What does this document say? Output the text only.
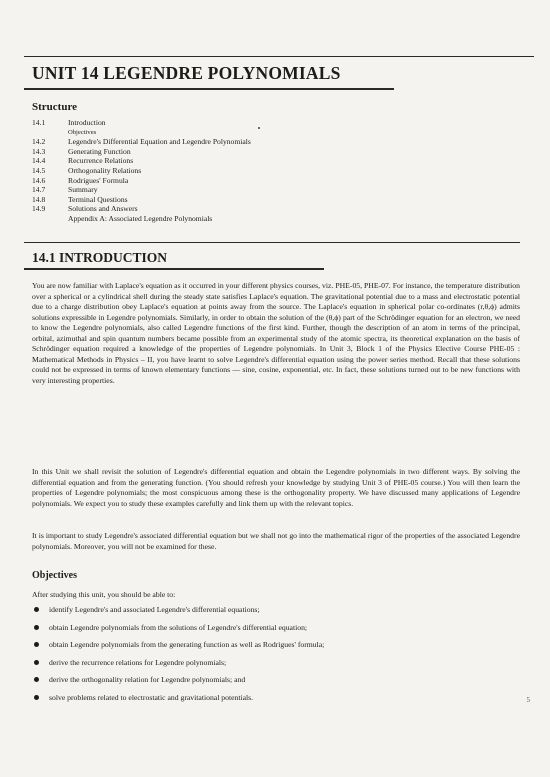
UNIT 14 LEGENDRE POLYNOMIALS
Structure
14.1	Introduction
Objectives
14.2	Legendre's Differential Equation and Legendre Polynomials
14.3	Generating Function
14.4	Recurrence Relations
14.5	Orthogonality Relations
14.6	Rodrigues' Formula
14.7	Summary
14.8	Terminal Questions
14.9	Solutions and Answers
Appendix A: Associated Legendre Polynomials
14.1 INTRODUCTION
You are now familiar with Laplace's equation as it occurred in your different physics courses, viz. PHE-05, PHE-07. For instance, the temperature distribution over a spherical or a cylindrical shell during the steady state satisfies Laplace's equation. The gravitational potential due to a mass and electrostatic potential due to a charge distribution obey Laplace's equation at points away from the source. The Laplace's equation in spherical polar co-ordinates (r,θ,ϕ) admits solutions expressible in Legendre polynomials. Similarly, in order to obtain the solution of the (θ,ϕ) part of the Schrödinger equation for an electron, we need to know the Legendre polynomials, also called Legendre functions of the first kind. Further, though the description of an atom in terms of the principal, orbital, azimuthal and spin quantum numbers became possible from an experimental study of the atomic spectra, its theoretical explanation on the basis of Schrödinger equation required a knowledge of the properties of Legendre polynomials. In Unit 3, Block 1 of the Physics Elective Course PHE-05 : Mathematical Methods in Physics – II, you have learnt to solve Legendre's differential equation using the power series method. Recall that these solutions could not be expressed in terms of known elementary functions — sine, cosine, exponential, etc. In fact, these solutions turned out to be new functions with very interesting properties.
In this Unit we shall revisit the solution of Legendre's differential equation and obtain the Legendre polynomials in two different ways. By solving the differential equation and from the generating function. (You should refresh your knowledge by studying Unit 3 of PHE-05 course.) You will then learn the properties of Legendre polynomials; the most conspicuous among these is the orthogonality property. We have discussed many applications of Legendre polynomials. We expect you to study these examples carefully and link them up with the relevant topics.
It is important to study Legendre's associated differential equation but we shall not go into the mathematical rigor of the properties of the associated Legendre polynomials. Moreover, you will not be examined for these.
Objectives
After studying this unit, you should be able to:
identify Legendre's and associated Legendre's differential equations;
obtain Legendre polynomials from the solutions of Legendre's differential equation;
obtain Legendre polynomials from the generating function as well as Rodrigues' formula;
derive the recurrence relations for Legendre polynomials;
derive the orthogonality relation for Legendre polynomials; and
solve problems related to electrostatic and gravitational potentials.	5
